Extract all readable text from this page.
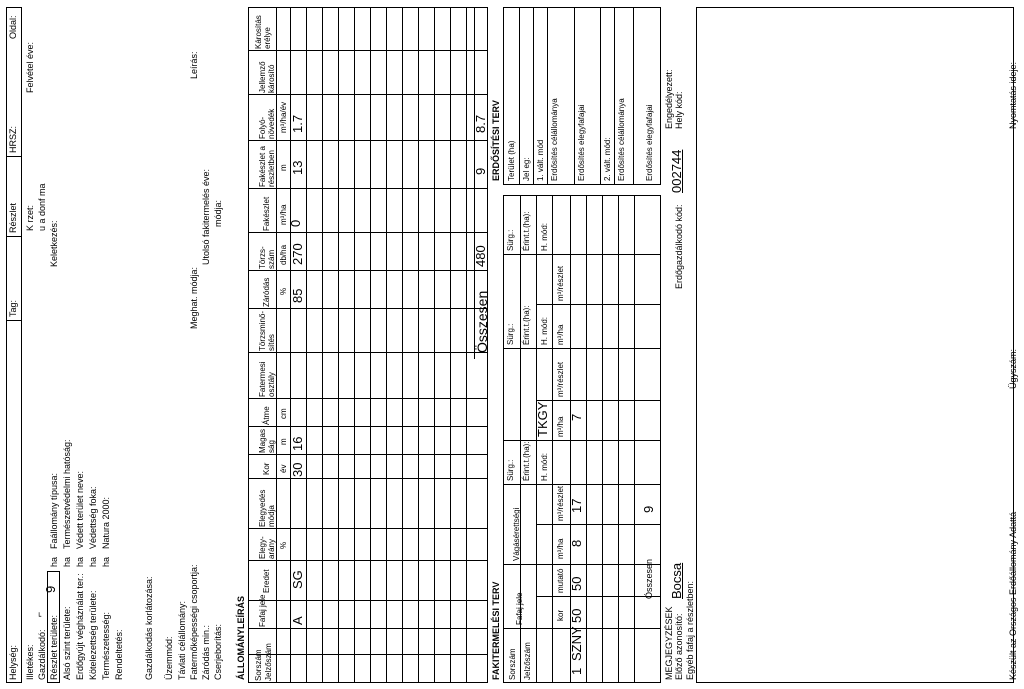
Helység:
Tag:
Részlet
HRSZ:
Oldal:
Illetékes:
K rzet:
Felvétel éve:
Gazdálkodó:
⌐
u a donf ma
Részlet területe:
9
ha
Faállomány típusa:
Keletkezés:
Alsó szint területe:
ha
Természetvédelmi hatóság:
Erdőgyújt végháználat ter.:
ha
Védett terület neve:
Kötelezettség területe:
ha
Védettség foka:
Természetesség:
ha
Natura 2000:
Rendeltetés: Gazdálkodás korlátozása: Üzemmód: Távlati célállomány: Fatermőképességi csoportja:
Meghat. módja:
Leírás:
Záródás min.:
Utolsó fakitermelés éve:
Cserjeborítás:
módja:
ÁLLOMÁNYLEÍRÁS Sorszám Jelzőszám
Fafaj jele
Eredet
Elegy-arány
Elegyedés módja
Kor
Magas ság
Átme
Fatermesi osztály
Törzsminő-sítés
Záródás
Törzs-szám
Fakészlet
Fakészlet a részletben
Folyó-növedék
Jellemző károsító
Károsítás erélye
%
év
m
cm
%
db/ha
m³/ha
m
m³/ha/év
A
SG
30
16
85
270
0
13
1.7
Összesen
480
9
8.7
FAKITERMELÉSI TERV Sorszám Jelzőszám
Fafaj jele
Vágásérettségi
Sürg.: Érint.t.(ha):
Sürg.: Érint.t.(ha):
Sürg.: Érint.t.(ha):
H. mód:
TKGY
H. mód:
H. mód:
kor
mutató
m³/ha
m³/részlet
m³/ha
m³/részlet
m³/ha
m³/részlet
1
SZNY
50
50
8
17
7
Összesen
9
ERDŐSÍTÉSI TERV Terület (ha) Jel eg: 1. vált. mód Erdősítés célállománya Erdősítés elegyfafajai 2. vált. mód: Erdősítés célállománya Erdősítés elegyfafajai
MEGJEGYZÉSEK Előző azonosító:
Bocsa
Erdőgazdálkodó kód:
002744
Hely kód:
Engedélyezett:
Egyéb fafaj a részletben:	Készült az Országos Erdőállomány Adattá
Ügyszám:
Nyomtatás ideje:
